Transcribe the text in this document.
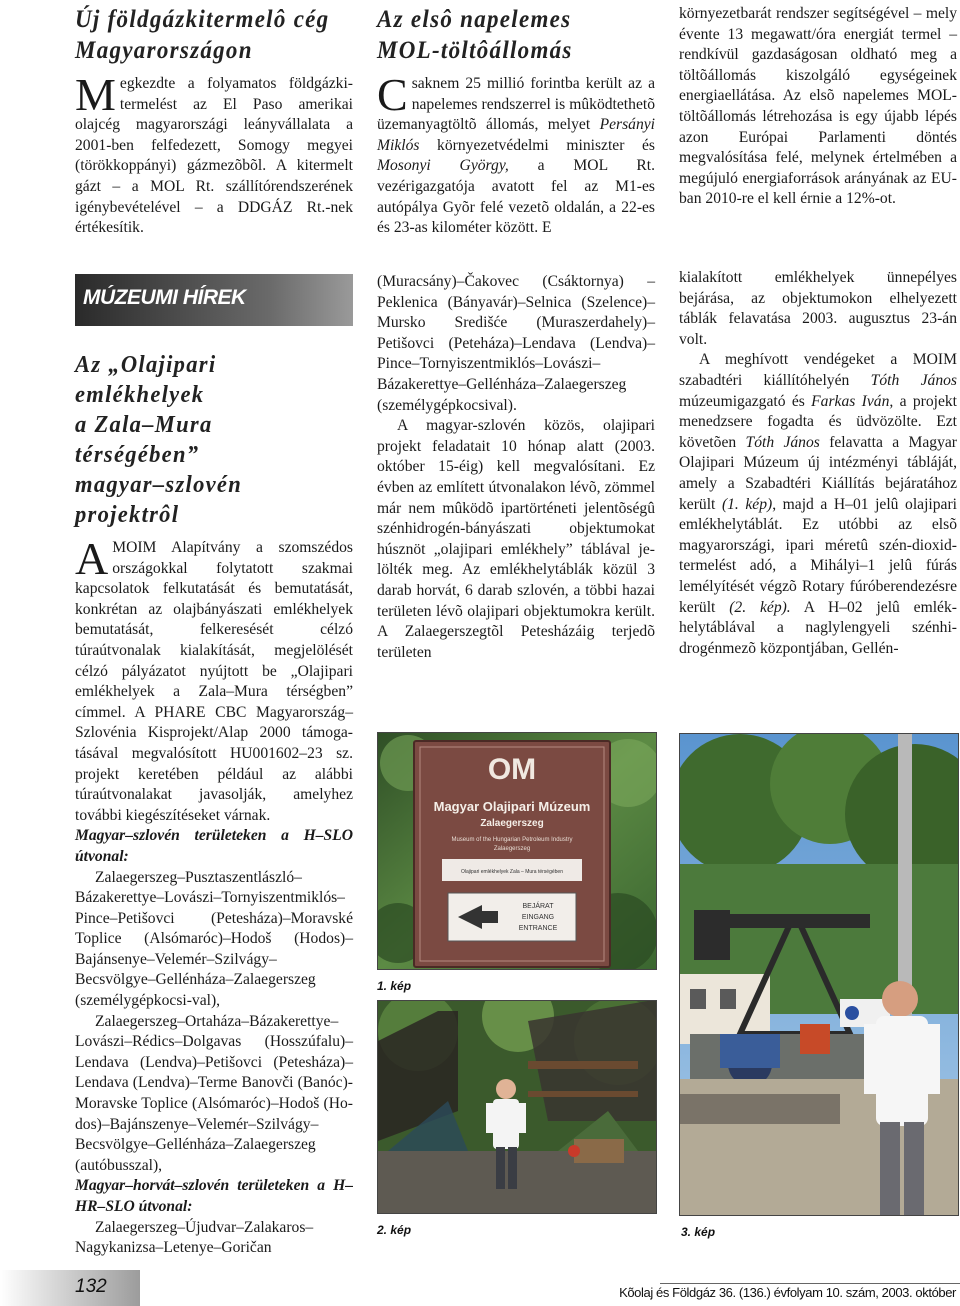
Új földgázkitermelô cég
Magyarországon

Megkezdte a folyamatos földgázkitermelést az El Paso amerikai olajcég magyarországi leányvállalata a 2001-ben felfedezett, Somogy megyei (törökkoppányi) gázmezõbõl. A kitermelt gázt – a MOL Rt. szállítórendszerének igénybevételével – a DDGÁZ Rt.-nek értékesítik.

Az elsô napelemes
MOL-töltôállomás

Csaknem 25 millió forintba került az a napelemes rendszerrel is mûködtethetõ üzemanyagtöltõ állomás, melyet Persányi Miklós környezetvédelmi miniszter és Mosonyi György, a MOL Rt. vezérigazgatója avatott fel az M1-es autópálya Gyõr felé vezetõ oldalán, a 22-es és 23-as kilométer között. E

környezetbarát rendszer segítségével – mely évente 13 megawatt/óra energiát termel – rendkívül gazdaságosan oldható meg a töltõállomás kiszolgáló egységeinek energiaellátása. Az elsõ napelemes MOL-töltõállomás létrehozása is egy újabb lépés azon Európai Parlamenti döntés megvalósítása felé, melynek értelmében a megújuló energiaforrások arányának az EU-ban 2010-re el kell érnie a 12%-ot.

MÚZEUMI HÍREK
Az „Olajipari emlékhelyek
a Zala–Mura térségében”
magyar–szlovén projektrôl

AMOIM Alapítvány a szomszédos országokkal folytatott szakmai kapcsolatok felkutatását és bemutatását, konkrétan az olajbányászati emlékhelyek bemutatását, felkeresését célzó túraútvonalak kialakítását, megjelölését célzó pályázatot nyújtott be „Olajipari emlékhelyek a Zala–Mura térségben” címmel. A PHARE CBC Magyarország–Szlovénia Kisprojekt/Alap 2000 támogatásával megvalósított HU001602–23 sz. projekt keretében például az alábbi túraútvonalakat javasolják, amelyhez további kiegészítéseket várnak.

Magyar–szlovén területeken a H–SLO útvonal:

Zalaegerszeg–Pusztaszentlászló–Bázakerettye–Lovászi–Tornyiszentmiklós–Pince–Petišovci (Petesháza)–Moravské Toplice (Alsómaróc)–Hodoš (Hodos)–Bajánsenye–Velemér–Szilvágy–Becsvölgye–Gellénháza–Zalaegerszeg (személygépkocsi-val),

Zalaegerszeg–Ortaháza–Bázakerettye–Lovászi–Rédics–Dolgavas (Hosszúfalu)–Lendava (Lendva)–Petišovci (Petesháza)–Lendava (Lendva)–Terme Banovči (Banóc)-Moravske Toplice (Alsómaróc)–Hodoš (Hodos)–Bajánszenye–Velemér–Szilvágy–Becsvölgye–Gellénháza–Zalaegerszeg (autóbusszal),

Magyar–horvát–szlovén területeken a H–HR–SLO útvonal:

Zalaegerszeg–Újudvar–Zalakaros–Nagykanizsa–Letenye–Goričan

(Muracsány)–Čakovec (Csáktornya) – Peklenica (Bányavár)–Selnica (Szelence)–Mursko Središće (Muraszerdahely)–Petišovci (Peteháza)–Lendava (Lendva)–Pince–Tornyiszentmiklós–Lovászi–Bázakerettye–Gellénháza–Zalaegerszeg (személygépkocsival).

A magyar-szlovén közös, olajipari projekt feladatait 10 hónap alatt (2003. október 15-éig) kell megvalósítani. Ez évben az említett útvonalakon lévõ, zömmel már nem mûködõ ipartörténeti jelentõségû szénhidrogén-bányászati objektumokat húsznöt „olajipari emlékhely” táblával jelölték meg. Az emlékhelytáblák közül 3 darab horvát, 6 darab szlovén, a többi hazai területen lévõ olajipari objektumokra került. A Zalaegerszegtõl Petesházáig terjedõ területen

kialakított emlékhelyek ünnepélyes bejárása, az objektumokon elhelyezett táblák felavatása 2003. augusztus 23-án volt.

A meghívott vendégeket a MOIM szabadtéri kiállítóhelyén Tóth János múzeumigazgató és Farkas Iván, a projekt menedzsere fogadta és üdvözölte. Ezt követõen Tóth János felavatta a Magyar Olajipari Múzeum új intézményi tábláját, amely a Szabadtéri Kiállítás bejáratához került (1. kép), majd a H–01 jelû olajipari emlékhelytáblát. Ez utóbbi az elsõ magyarországi, ipari méretû szén-dioxid-termelést adó, a Mihályi–1 jelû fúrás lemélyítését végzõ Rotary fúróberendezésre került (2. kép). A H–02 jelû emlékhelytáblával a naglylengyeli szénhidrogénmezõ központjában, Gellén-

OM
Magyar Olajipari Múzeum
Zalaegerszeg
Museum of the Hungarian Petroleum Industry
Zalaegerszeg
Olajipari emlékhelyek Zala – Mura térségében
BEJÁRAT
EINGANG
ENTRANCE
1. kép
2. kép	3. kép
132	Kõolaj és Földgáz 36. (136.) évfolyam 10. szám, 2003. október
